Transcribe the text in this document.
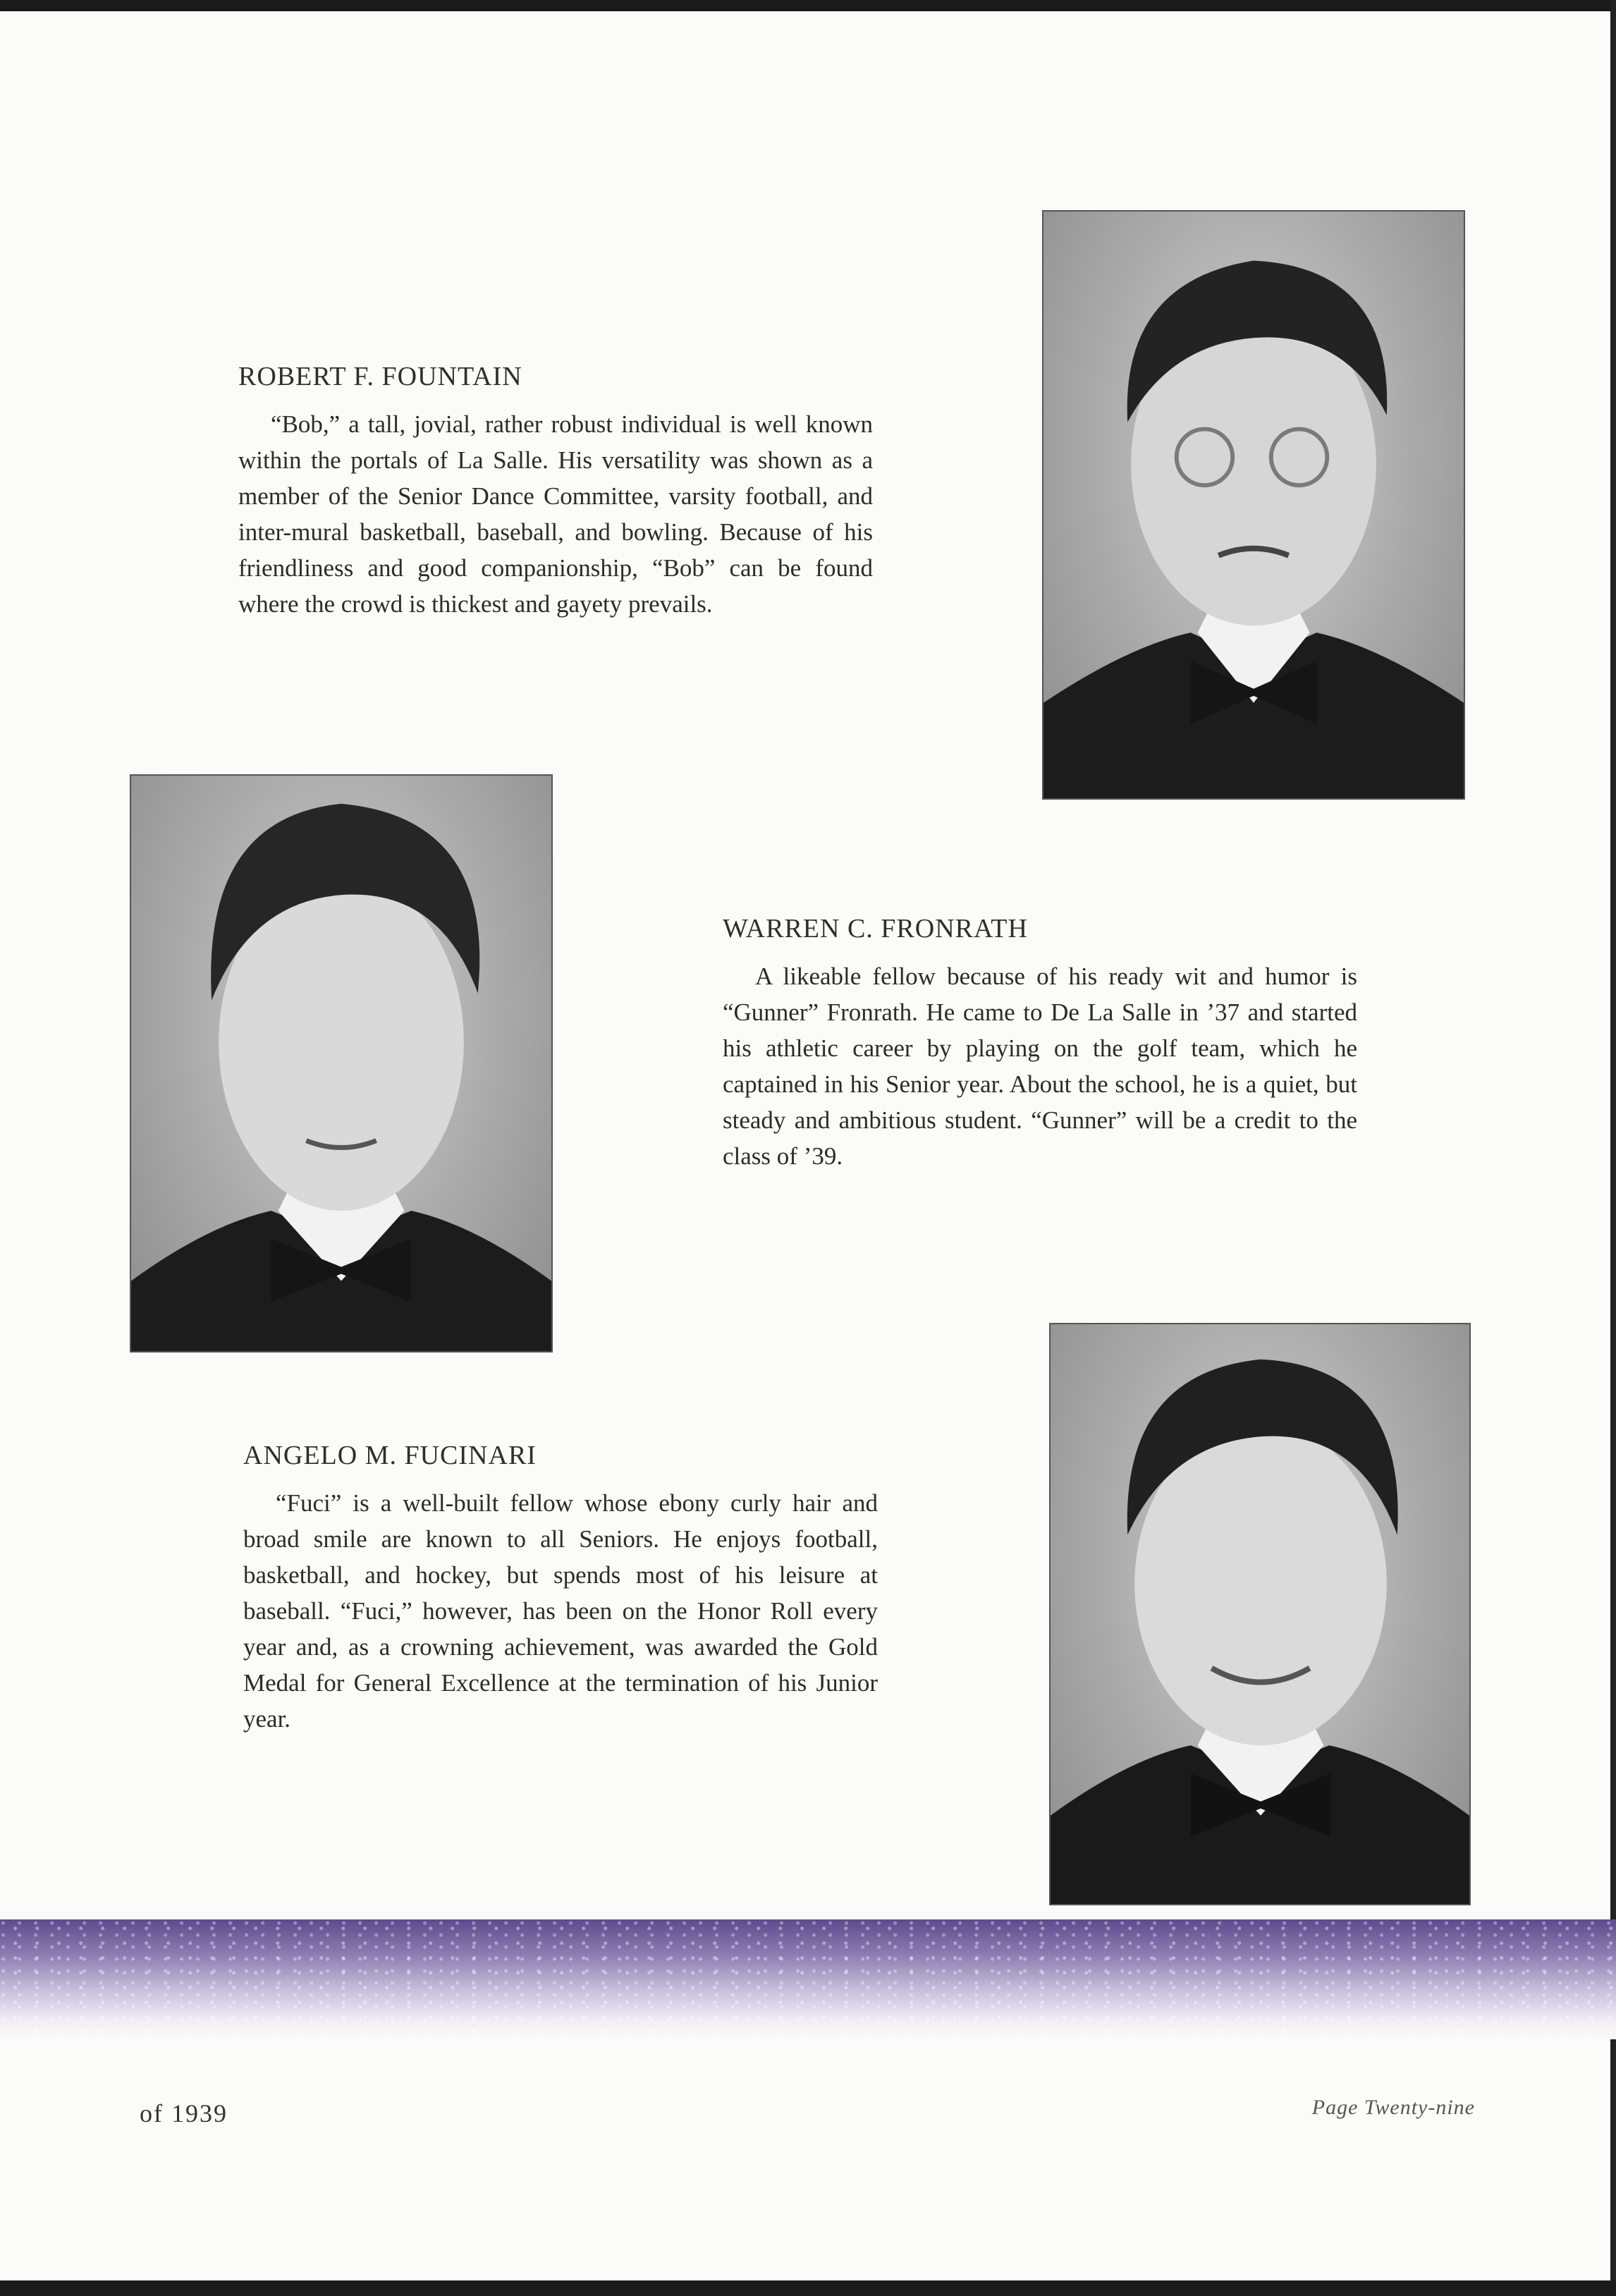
ROBERT F. FOUNTAIN

“Bob,” a tall, jovial, rather robust individual is well known within the portals of La Salle. His versatility was shown as a member of the Senior Dance Committee, varsity football, and inter-mural basketball, baseball, and bowling. Because of his friendliness and good companionship, “Bob” can be found where the crowd is thickest and gayety prevails.

WARREN C. FRONRATH

A likeable fellow because of his ready wit and humor is “Gunner” Fronrath. He came to De La Salle in ’37 and started his athletic career by playing on the golf team, which he captained in his Senior year. About the school, he is a quiet, but steady and ambitious student. “Gunner” will be a credit to the class of ’39.

ANGELO M. FUCINARI

“Fuci” is a well-built fellow whose ebony curly hair and broad smile are known to all Seniors. He enjoys football, basketball, and hockey, but spends most of his leisure at baseball. “Fuci,” however, has been on the Honor Roll every year and, as a crowning achievement, was awarded the Gold Medal for General Excellence at the termination of his Junior year.

of 1939	Page Twenty-nine
